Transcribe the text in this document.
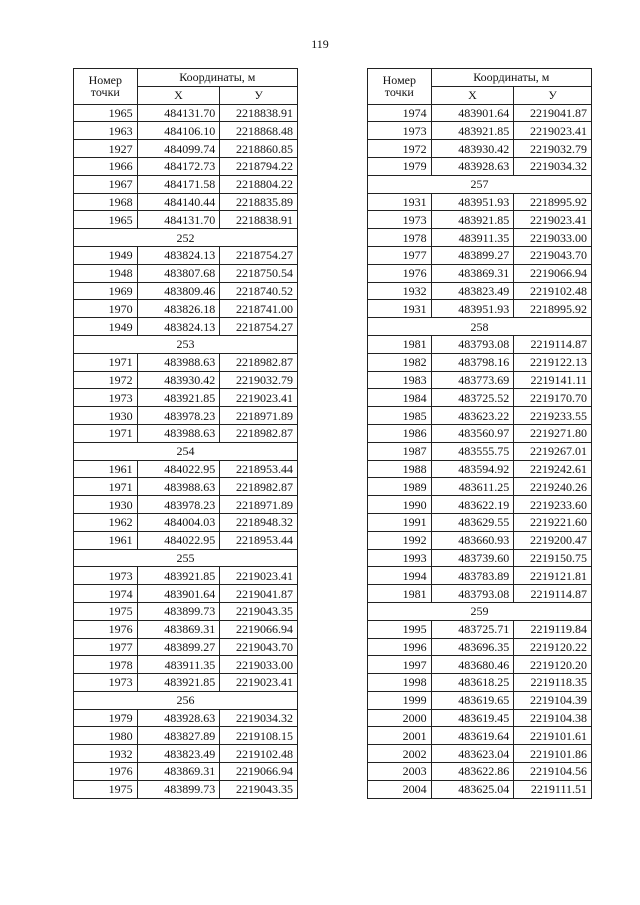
119
Номер точки	Координаты, м	
	X	У
1965	484131.70	2218838.91
1963	484106.10	2218868.48
1927	484099.74	2218860.85
1966	484172.73	2218794.22
1967	484171.58	2218804.22
1968	484140.44	2218835.89
1965	484131.70	2218838.91
252		
1949	483824.13	2218754.27
1948	483807.68	2218750.54
1969	483809.46	2218740.52
1970	483826.18	2218741.00
1949	483824.13	2218754.27
253		
1971	483988.63	2218982.87
1972	483930.42	2219032.79
1973	483921.85	2219023.41
1930	483978.23	2218971.89
1971	483988.63	2218982.87
254		
1961	484022.95	2218953.44
1971	483988.63	2218982.87
1930	483978.23	2218971.89
1962	484004.03	2218948.32
1961	484022.95	2218953.44
255		
1973	483921.85	2219023.41
1974	483901.64	2219041.87
1975	483899.73	2219043.35
1976	483869.31	2219066.94
1977	483899.27	2219043.70
1978	483911.35	2219033.00
1973	483921.85	2219023.41
256		
1979	483928.63	2219034.32
1980	483827.89	2219108.15
1932	483823.49	2219102.48
1976	483869.31	2219066.94
1975	483899.73	2219043.35
Номер точки	Координаты, м	
	X	У
1974	483901.64	2219041.87
1973	483921.85	2219023.41
1972	483930.42	2219032.79
1979	483928.63	2219034.32
257		
1931	483951.93	2218995.92
1973	483921.85	2219023.41
1978	483911.35	2219033.00
1977	483899.27	2219043.70
1976	483869.31	2219066.94
1932	483823.49	2219102.48
1931	483951.93	2218995.92
258		
1981	483793.08	2219114.87
1982	483798.16	2219122.13
1983	483773.69	2219141.11
1984	483725.52	2219170.70
1985	483623.22	2219233.55
1986	483560.97	2219271.80
1987	483555.75	2219267.01
1988	483594.92	2219242.61
1989	483611.25	2219240.26
1990	483622.19	2219233.60
1991	483629.55	2219221.60
1992	483660.93	2219200.47
1993	483739.60	2219150.75
1994	483783.89	2219121.81
1981	483793.08	2219114.87
259		
1995	483725.71	2219119.84
1996	483696.35	2219120.22
1997	483680.46	2219120.20
1998	483618.25	2219118.35
1999	483619.65	2219104.39
2000	483619.45	2219104.38
2001	483619.64	2219101.61
2002	483623.04	2219101.86
2003	483622.86	2219104.56
2004	483625.04	2219111.51
